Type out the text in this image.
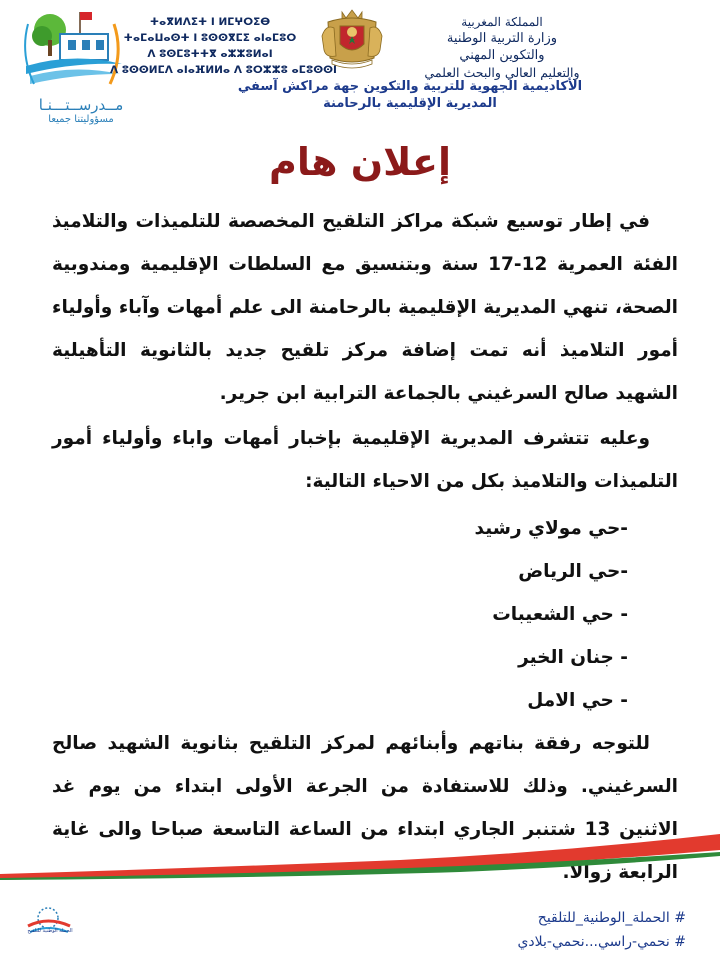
مــدرســتـــنـا
مسؤوليتنا جميعا
ⵜⴰⴳⵍⴷⵉⵜ ⵏ ⵍⵎⵖⵔⵉⴱ
ⵜⴰⵎⴰⵡⴰⵙⵜ ⵏ ⵓⵙⵙⴳⵎⵉ ⴰⵏⴰⵎⵓⵔ
ⴷ ⵓⵙⵎⵓⵜⵜⴳ ⴰⵣⵣⵓⵍⴰⵏ
ⴷ ⵓⵙⵙⵍⵎⴷ ⴰⵏⴰⴼⵍⵍⴰ ⴷ ⵓⵔⵣⵣⵓ ⴰⵎⵓⵙⵙⵏ
المملكة المغربية
وزارة التربية الوطنية
والتكوين المهني
والتعليم العالي والبحث العلمي
الأكاديمية الجهوية للتربية والتكوين جهة مراكش آسفي
المديرية الإقليمية بالرحامنة
إعلان هام

في إطار توسيع شبكة مراكز التلقيح المخصصة للتلميذات والتلاميذ الفئة العمرية 12-17 سنة وبتنسيق مع السلطات الإقليمية ومندوبية الصحة، تنهي المديرية الإقليمية بالرحامنة الى علم أمهات وآباء وأولياء أمور التلاميذ أنه تمت إضافة مركز تلقيح جديد بالثانوية التأهيلية الشهيد صالح السرغيني بالجماعة الترابية ابن جرير.

وعليه تتشرف المديرية الإقليمية بإخبار أمهات واباء وأولياء أمور التلميذات والتلاميذ بكل من الاحياء التالية:

-حي مولاي رشيد
-حي الرياض
- حي الشعيبات
- جنان الخير
- حي الامل

للتوجه رفقة بناتهم وأبنائهم لمركز التلقيح بثانوية الشهيد صالح السرغيني. وذلك للاستفادة من الجرعة الأولى ابتداء من يوم غد الاثنين 13 شتنبر الجاري ابتداء من الساعة التاسعة صباحا والى غاية الرابعة زوالا.

الحملة الوطنية للتلقيح
# الحملة_الوطنية_للتلقيح
# نحمي-راسي...نحمي-بلادي
